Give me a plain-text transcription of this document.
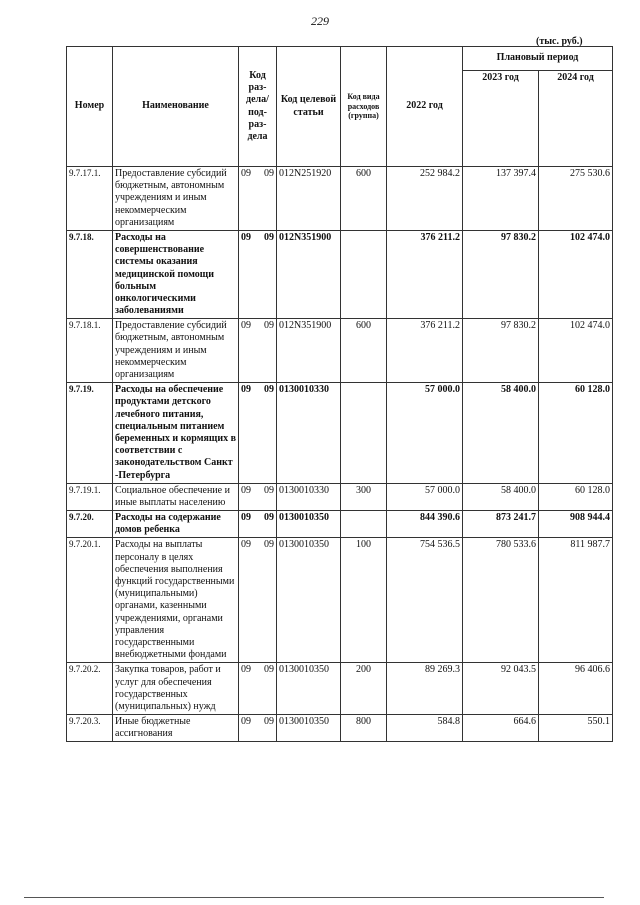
229
(тыс. руб.)
Номер	Наименование	Код раз- дела/ под- раз- дела	Код целевой статьи	Код вида расходов (группа)	2022 год	Плановый период	
						2023 год	2024 год
9.7.17.1.	Предоставление субсидий бюджетным, автономным учреждениям и иным некоммерческим организациям	09 09	012N251920	600	252 984.2	137 397.4	275 530.6
9.7.18.	Расходы на совершенствование системы оказания медицинской помощи больным онкологическими заболеваниями	09 09	012N351900		376 211.2	97 830.2	102 474.0
9.7.18.1.	Предоставление субсидий бюджетным, автономным учреждениям и иным некоммерческим организациям	09 09	012N351900	600	376 211.2	97 830.2	102 474.0
9.7.19.	Расходы на обеспечение продуктами детского лечебного питания, специальным питанием беременных и кормящих в соответствии с законодательством Санкт -Петербурга	09 09	0130010330		57 000.0	58 400.0	60 128.0
9.7.19.1.	Социальное обеспечение и иные выплаты населению	09 09	0130010330	300	57 000.0	58 400.0	60 128.0
9.7.20.	Расходы на содержание домов ребенка	09 09	0130010350		844 390.6	873 241.7	908 944.4
9.7.20.1.	Расходы на выплаты персоналу в целях обеспечения выполнения функций государственными (муниципальными) органами, казенными учреждениями, органами управления государственными внебюджетными фондами	09 09	0130010350	100	754 536.5	780 533.6	811 987.7
9.7.20.2.	Закупка товаров, работ и услуг для обеспечения государственных (муниципальных) нужд	09 09	0130010350	200	89 269.3	92 043.5	96 406.6
9.7.20.3.	Иные бюджетные ассигнования	09 09	0130010350	800	584.8	664.6	550.1
